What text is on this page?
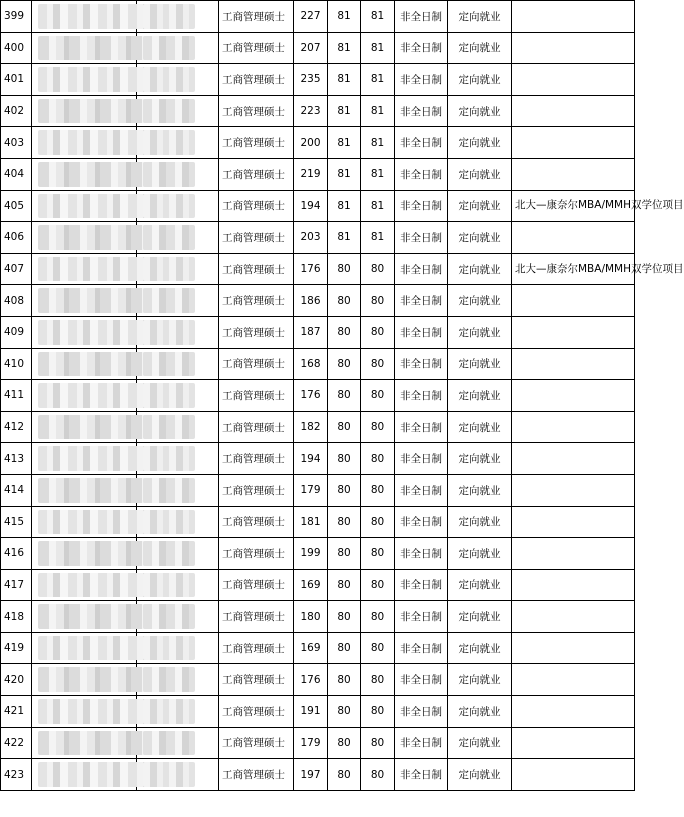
399			工商管理硕士	227	81	81	非全日制	定向就业	
400			工商管理硕士	207	81	81	非全日制	定向就业	
401			工商管理硕士	235	81	81	非全日制	定向就业	
402			工商管理硕士	223	81	81	非全日制	定向就业	
403			工商管理硕士	200	81	81	非全日制	定向就业	
404			工商管理硕士	219	81	81	非全日制	定向就业	
405			工商管理硕士	194	81	81	非全日制	定向就业	北大—康奈尔MBA/MMH双学位项目
406			工商管理硕士	203	81	81	非全日制	定向就业	
407			工商管理硕士	176	80	80	非全日制	定向就业	北大—康奈尔MBA/MMH双学位项目
408			工商管理硕士	186	80	80	非全日制	定向就业	
409			工商管理硕士	187	80	80	非全日制	定向就业	
410			工商管理硕士	168	80	80	非全日制	定向就业	
411			工商管理硕士	176	80	80	非全日制	定向就业	
412			工商管理硕士	182	80	80	非全日制	定向就业	
413			工商管理硕士	194	80	80	非全日制	定向就业	
414			工商管理硕士	179	80	80	非全日制	定向就业	
415			工商管理硕士	181	80	80	非全日制	定向就业	
416			工商管理硕士	199	80	80	非全日制	定向就业	
417			工商管理硕士	169	80	80	非全日制	定向就业	
418			工商管理硕士	180	80	80	非全日制	定向就业	
419			工商管理硕士	169	80	80	非全日制	定向就业	
420			工商管理硕士	176	80	80	非全日制	定向就业	
421			工商管理硕士	191	80	80	非全日制	定向就业	
422			工商管理硕士	179	80	80	非全日制	定向就业	
423			工商管理硕士	197	80	80	非全日制	定向就业	
